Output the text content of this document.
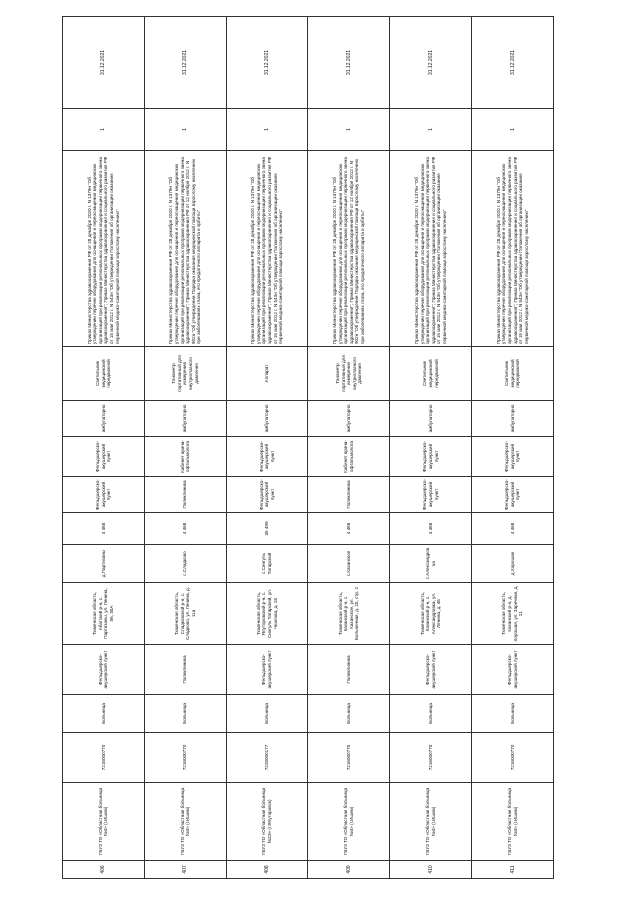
406	ГБУЗ ТО «Областная больница №4» (г.Ишим)	7216000770	Больница	Фельдшерско-акушерский пункт	Тюменская область, Абатский р-н, с. Партизаны, ул. Ленина, 56, 30А	д.Партизаны	4 468	Фельдшерско-акушерский пункт	Фельдшерско-акушерский пункт	амбулаторно	Светильник медицинский передвижной	Приказ Министерства здравоохранения РФ от 28 декабря 2020 г. N 1379н "Об утверждении перечня оборудования для оснащения и переоснащения медицинских организаций при реализации региональных программ модернизации первичного звена здравоохранения"; Приказ Министерства здравоохранения и социального развития РФ от 15 мая 2012 г. N 543н "Об утверждении Положения об организации оказания первичной медико-санитарной помощи взрослому населению"	1	31.12.2021
407	ГБУЗ ТО «Областная больница №4» (г.Ишим)	7216000770	Больница	Поликлиника	Тюменская область, Сладковский р-н, с. Сладково, ул. Ленина, д. 11а	с.Сладково	4 468	Поликлиника	Кабинет врача-офтальмолога	амбулаторно	Тонометр портативный для измерения внутриглазного давления	Приказ Министерства здравоохранения РФ от 28 декабря 2020 г. N 1379н "Об утверждении перечня оборудования для оснащения и переоснащения медицинских организаций при реализации региональных программ модернизации первичного звена здравоохранения"; Приказ Министерства здравоохранения РФ от 12 ноября 2012 г. N 902н "Об утверждении Порядка оказания медицинской помощи взрослому населению при заболеваниях глаза, его придаточного аппарата и орбиты"	1	31.12.2021
408	ГБУЗ ТО «Областная больница №23» (г.Ялуторовск)	7228000177	Больница	Фельдшерско-акушерский пункт	Тюменская область, Ялуторовский р-н, с. Сингуль Татарский, ул. Чкалова, д. 18	с.Сингуль Татарский	35 499	Фельдшерско-акушерский пункт	Фельдшерско-акушерский пункт	амбулаторно	Аппарат	Приказ Министерства здравоохранения РФ от 28 декабря 2020 г. N 1379н "Об утверждении перечня оборудования для оснащения и переоснащения медицинских организаций при реализации региональных программ модернизации первичного звена здравоохранения"; Приказ Министерства здравоохранения и социального развития РФ от 15 мая 2012 г. N 543н "Об утверждении Положения об организации оказания первичной медико-санитарной помощи взрослому населению"	1	31.12.2021
409	ГБУЗ ТО «Областная больница №4» (г.Ишим)	7216000770	Больница	Поликлиника	Тюменская область, Казанский р-н, с. Казанское, ул. Больничная, д. 20, стр. 2	с.Казанское	4 468	Поликлиника	Кабинет врача-офтальмолога	амбулаторно	Тонометр портативный для измерения внутриглазного давления	Приказ Министерства здравоохранения РФ от 28 декабря 2020 г. N 1379н "Об утверждении перечня оборудования для оснащения и переоснащения медицинских организаций при реализации региональных программ модернизации первичного звена здравоохранения"; Приказ Министерства здравоохранения РФ от 12 ноября 2012 г. N 902н "Об утверждении Порядка оказания медицинской помощи взрослому населению при заболеваниях глаза, его придаточного аппарата и орбиты"	1	31.12.2021
410	ГБУЗ ТО «Областная больница №4» (г.Ишим)	7216000770	Больница	Фельдшерско-акушерский пункт	Тюменская область, Казанский р-н, с. Александровка, ул. Ленина, д. 46	с.Александровка	4 468	Фельдшерско-акушерский пункт	Фельдшерско-акушерский пункт	амбулаторно	Светильник медицинский передвижной	Приказ Министерства здравоохранения РФ от 28 декабря 2020 г. N 1379н "Об утверждении перечня оборудования для оснащения и переоснащения медицинских организаций при реализации региональных программ модернизации первичного звена здравоохранения"; Приказ Министерства здравоохранения и социального развития РФ от 15 мая 2012 г. N 543н "Об утверждении Положения об организации оказания первичной медико-санитарной помощи взрослому населению"	1	31.12.2021
411	ГБУЗ ТО «Областная больница №4» (г.Ишим)	7216000770	Больница	Фельдшерско-акушерский пункт	Тюменская область, Казанский р-н, д. Хорошая, ул. Заречная, д. 21	д.Хорошая	4 468	Фельдшерско-акушерский пункт	Фельдшерско-акушерский пункт	амбулаторно	Светильник медицинский передвижной	Приказ Министерства здравоохранения РФ от 28 декабря 2020 г. N 1379н "Об утверждении перечня оборудования для оснащения и переоснащения медицинских организаций при реализации региональных программ модернизации первичного звена здравоохранения"; Приказ Министерства здравоохранения и социального развития РФ от 15 мая 2012 г. N 543н "Об утверждении Положения об организации оказания первичной медико-санитарной помощи взрослому населению"	1	31.12.2021
